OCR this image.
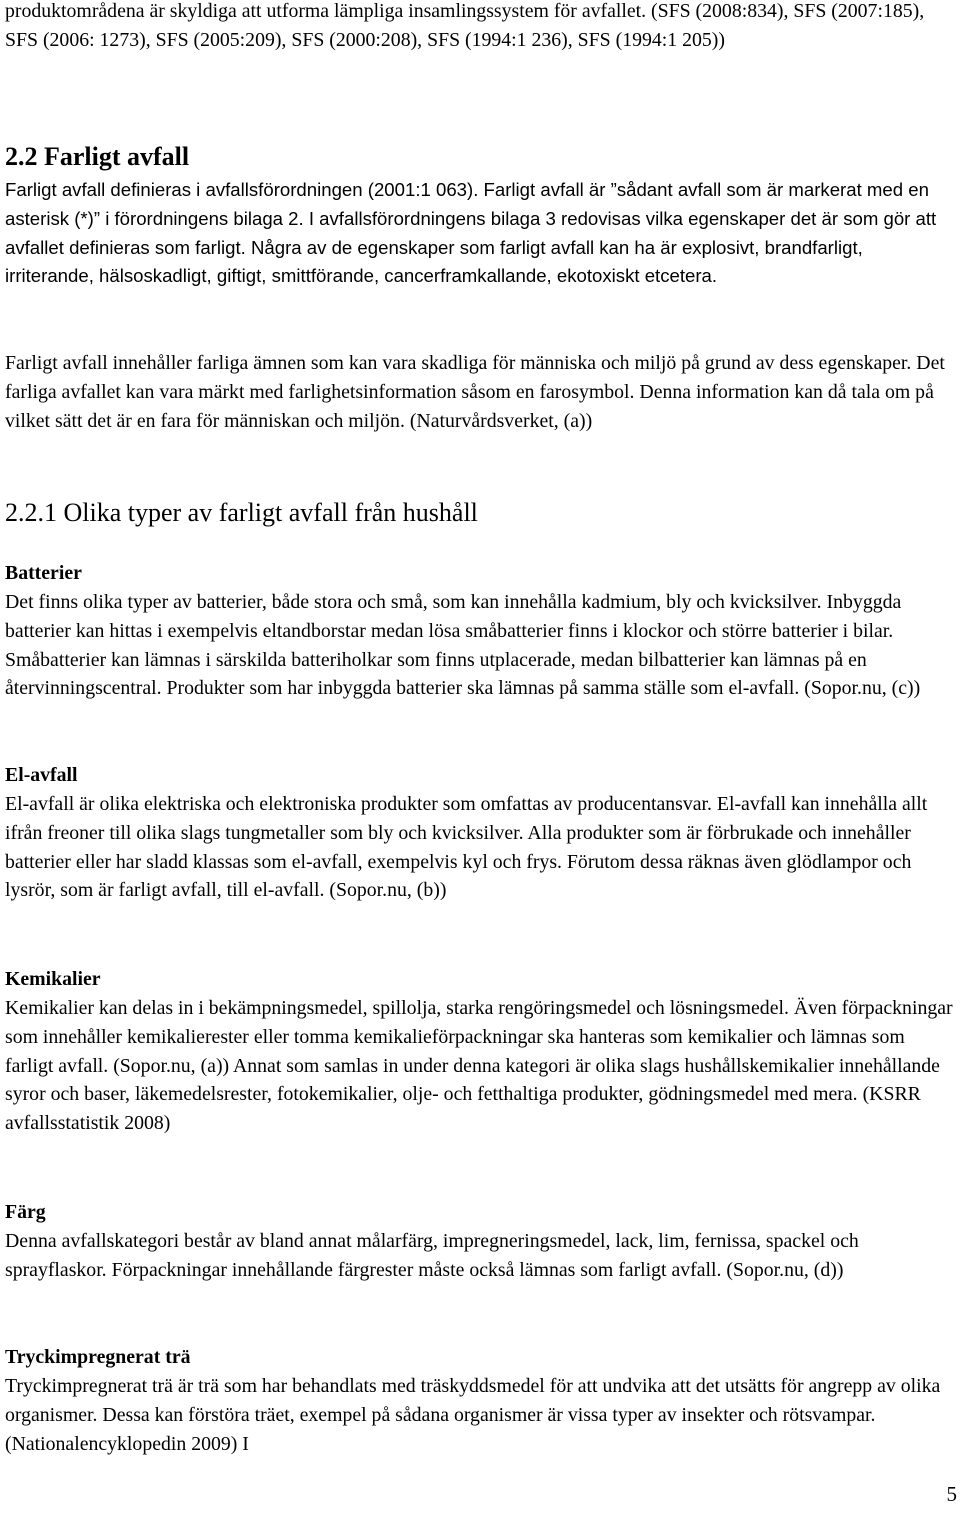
produktområdena är skyldiga att utforma lämpliga insamlingssystem för avfallet. (SFS (2008:834), SFS (2007:185), SFS (2006: 1273), SFS (2005:209), SFS (2000:208), SFS (1994:1 236), SFS (1994:1 205))

2.2 Farligt avfall

Farligt avfall definieras i avfallsförordningen (2001:1 063). Farligt avfall är ”sådant avfall som är markerat med en asterisk (*)” i förordningens bilaga 2. I avfallsförordningens bilaga 3 redovisas vilka egenskaper det är som gör att avfallet definieras som farligt. Några av de egenskaper som farligt avfall kan ha är explosivt, brandfarligt, irriterande, hälsoskadligt, giftigt, smittförande, cancerframkallande, ekotoxiskt etcetera.

Farligt avfall innehåller farliga ämnen som kan vara skadliga för människa och miljö på grund av dess egenskaper. Det farliga avfallet kan vara märkt med farlighetsinformation såsom en farosymbol. Denna information kan då tala om på vilket sätt det är en fara för människan och miljön. (Naturvårdsverket, (a))

2.2.1 Olika typer av farligt avfall från hushåll
Batterier

Det finns olika typer av batterier, både stora och små, som kan innehålla kadmium, bly och kvicksilver. Inbyggda batterier kan hittas i exempelvis eltandborstar medan lösa småbatterier finns i klockor och större batterier i bilar. Småbatterier kan lämnas i särskilda batteriholkar som finns utplacerade, medan bilbatterier kan lämnas på en återvinningscentral. Produkter som har inbyggda batterier ska lämnas på samma ställe som el-avfall. (Sopor.nu, (c))

El-avfall

El-avfall är olika elektriska och elektroniska produkter som omfattas av producentansvar. El-avfall kan innehålla allt ifrån freoner till olika slags tungmetaller som bly och kvicksilver. Alla produkter som är förbrukade och innehåller batterier eller har sladd klassas som el-avfall, exempelvis kyl och frys. Förutom dessa räknas även glödlampor och lysrör, som är farligt avfall, till el-avfall. (Sopor.nu, (b))

Kemikalier

Kemikalier kan delas in i bekämpningsmedel, spillolja, starka rengöringsmedel och lösningsmedel. Även förpackningar som innehåller kemikalierester eller tomma kemikalieförpackningar ska hanteras som kemikalier och lämnas som farligt avfall. (Sopor.nu, (a)) Annat som samlas in under denna kategori är olika slags hushållskemikalier innehållande syror och baser, läkemedelsrester, fotokemikalier, olje- och fetthaltiga produkter, gödningsmedel med mera. (KSRR avfallsstatistik 2008)

Färg

Denna avfallskategori består av bland annat målarfärg, impregneringsmedel, lack, lim, fernissa, spackel och sprayflaskor. Förpackningar innehållande färgrester måste också lämnas som farligt avfall. (Sopor.nu, (d))

Tryckimpregnerat trä

Tryckimpregnerat trä är trä som har behandlats med träskyddsmedel för att undvika att det utsätts för angrepp av olika organismer. Dessa kan förstöra träet, exempel på sådana organismer är vissa typer av insekter och rötsvampar. (Nationalencyklopedin 2009) I

5
